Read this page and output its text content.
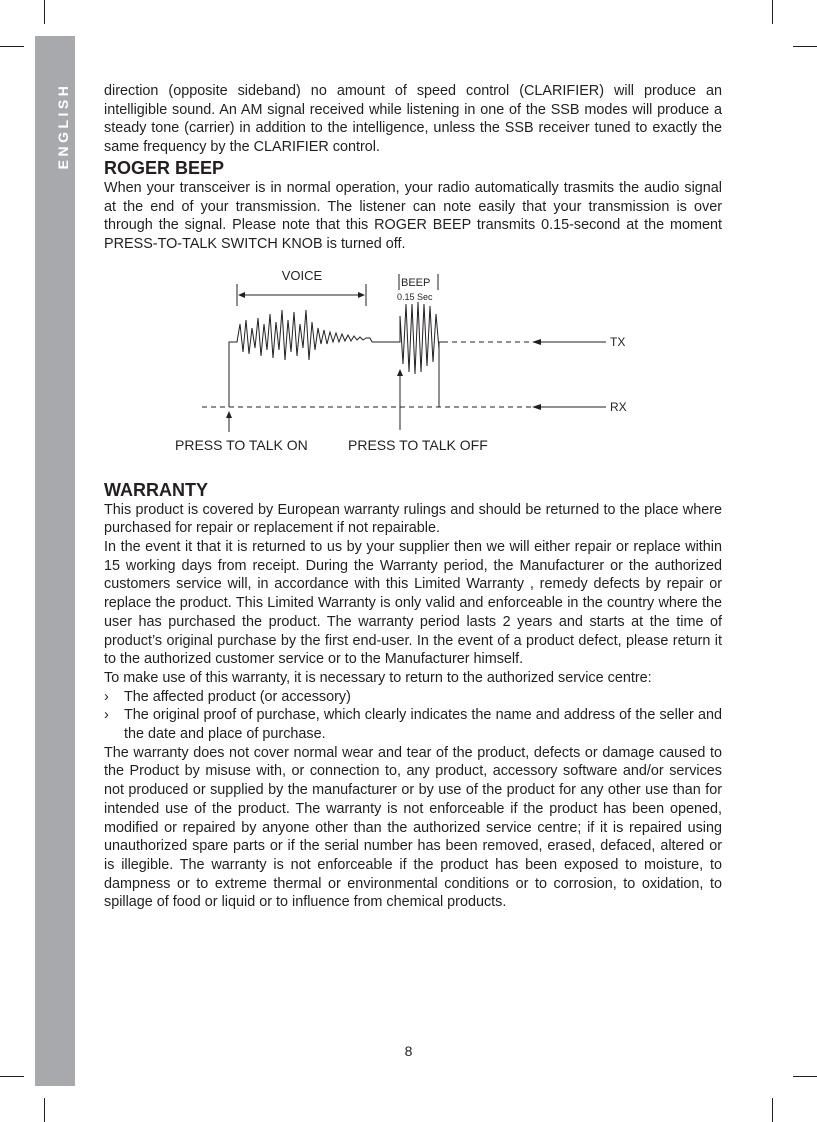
ENGLISH direction (opposite sideband) no amount of speed control (CLARIFIER) will produce an intelligible sound. An AM signal received while listening in one of the SSB modes will produce a steady tone (carrier) in addition to the intelligence, unless the SSB receiver tuned to exactly the same frequency by the CLARIFIER control.

ROGER BEEP

When your transceiver is in normal operation, your radio automatically trasmits the audio signal at the end of your transmission. The listener can note easily that your transmission is over through the signal. Please note that this ROGER BEEP transmits 0.15-second at the moment PRESS-TO-TALK SWITCH KNOB is turned off.

VOICE	BEEP
0.15 Sec
TX
RX
PRESS TO TALK ON	PRESS TO TALK OFF
WARRANTY

This product is covered by European warranty rulings and should be returned to the place where purchased for repair or replacement if not repairable.

In the event it that it is returned to us by your supplier then we will either repair or replace within 15 working days from receipt. During the Warranty period, the Manufacturer or the authorized customers service will, in accordance with this Limited Warranty , remedy defects by repair or replace the product. This Limited Warranty is only valid and enforceable in the country where the user has purchased the product. The warranty period lasts 2 years and starts at the time of product’s original purchase by the first end-user. In the event of a product defect, please return it to the authorized customer service or to the Manufacturer himself.

To make use of this warranty, it is necessary to return to the authorized service centre:

›	The affected product (or accessory)
›	The original proof of purchase, which clearly indicates the name and address of the seller and the date and place of purchase.

The warranty does not cover normal wear and tear of the product, defects or damage caused to the Product by misuse with, or connection to, any product, accessory software and/or services not produced or supplied by the manufacturer or by use of the product for any other use than for intended use of the product. The warranty is not enforceable if the product has been opened, modified or repaired by anyone other than the authorized service centre; if it is repaired using unauthorized spare parts or if the serial number has been removed, erased, defaced, altered or is illegible. The warranty is not enforceable if the product has been exposed to moisture, to dampness or to extreme thermal or environmental conditions or to corrosion, to oxidation, to spillage of food or liquid or to influence from chemical products.

8
